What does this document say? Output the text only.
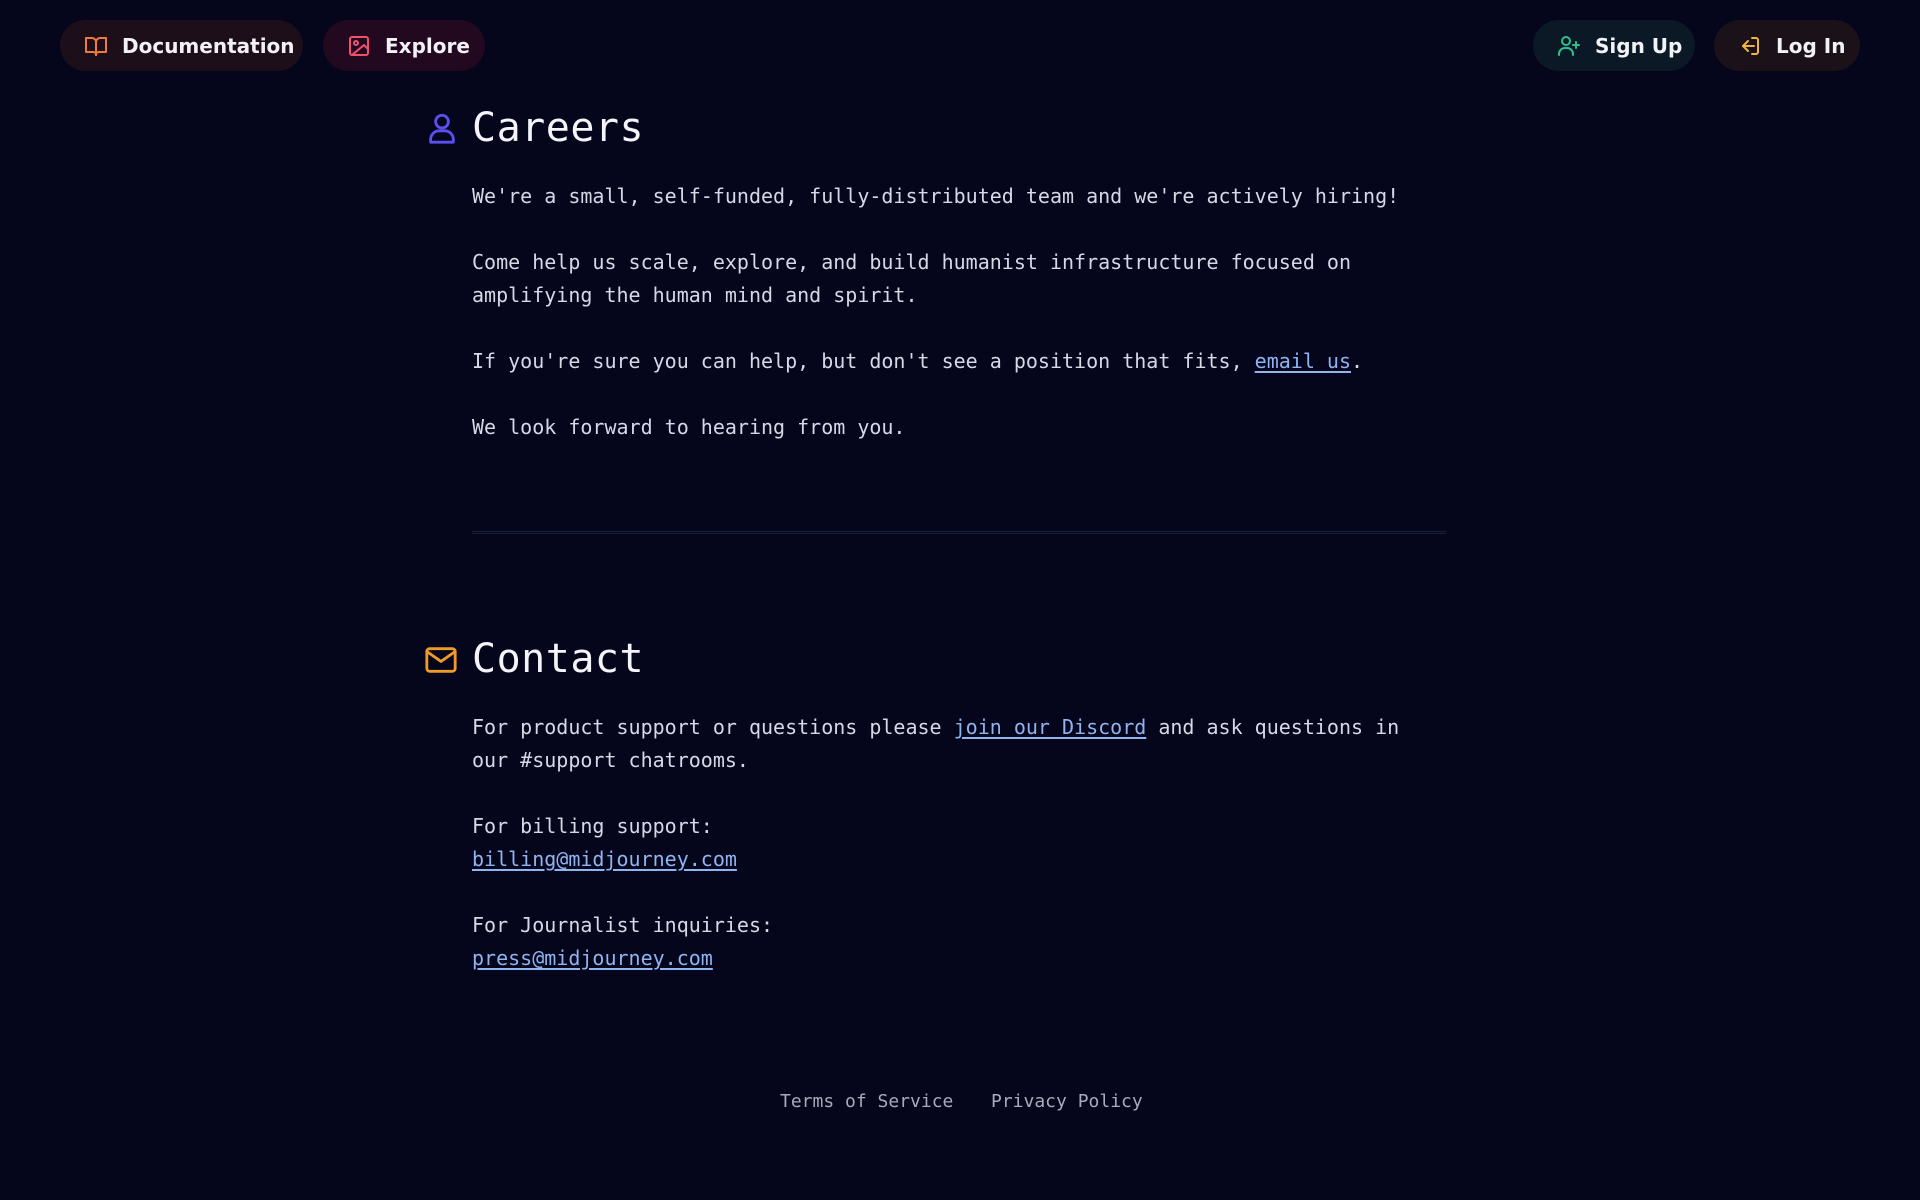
Documentation	Explore	Sign Up	Log In
Careers

We're a small, self-funded, fully-distributed team and we're actively hiring!

Come help us scale, explore, and build humanist infrastructure focused on
amplifying the human mind and spirit.

If you're sure you can help, but don't see a position that fits, email us.

We look forward to hearing from you.

Contact

For product support or questions please join our Discord and ask questions in
our #support chatrooms.

For billing support:
billing@midjourney.com

For Journalist inquiries:
press@midjourney.com

Terms of Service Privacy Policy
